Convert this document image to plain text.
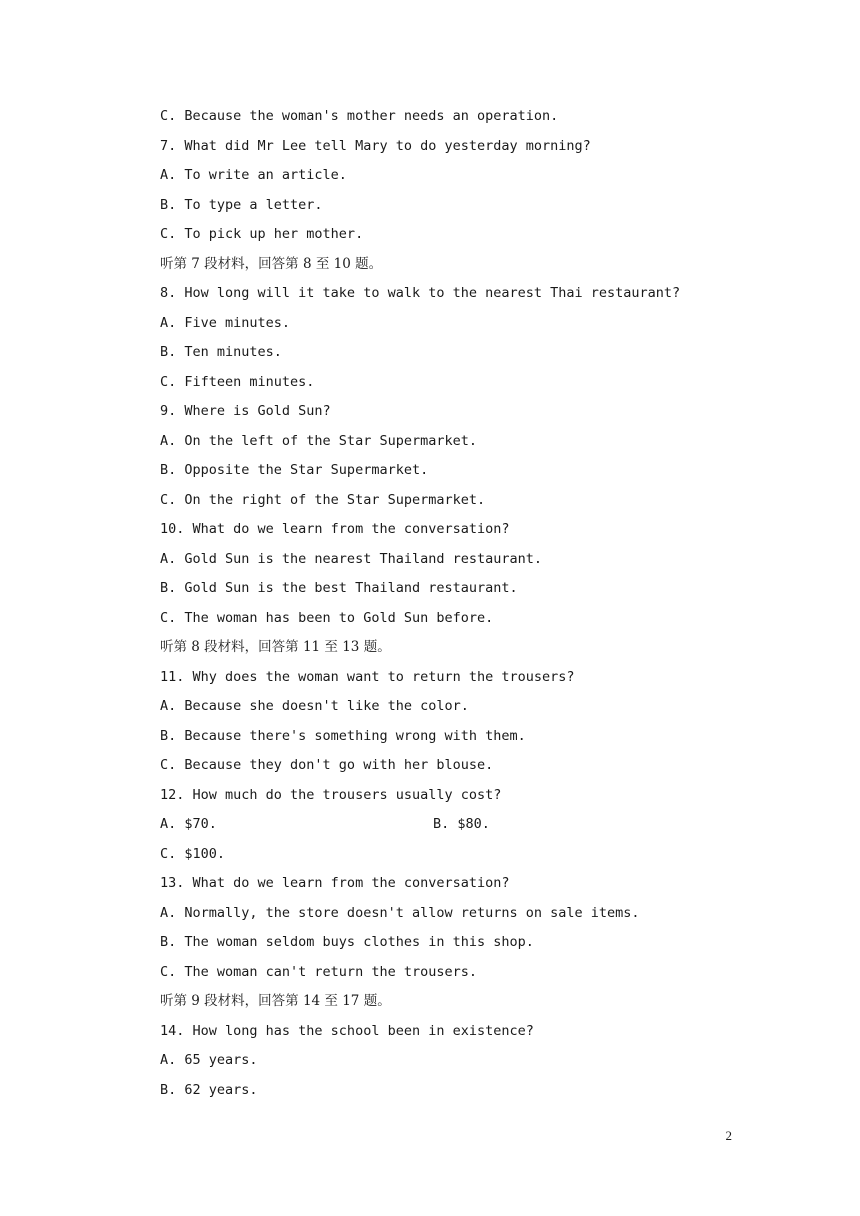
C. Because the woman's mother needs an operation.
7. What did Mr Lee tell Mary to do yesterday morning?
A. To write an article.
B. To type a letter.
C. To pick up her mother.
听第 7 段材料，回答第 8 至 10 题。
8. How long will it take to walk to the nearest Thai restaurant?
A. Five minutes.
B. Ten minutes.
C. Fifteen minutes.
9. Where is Gold Sun?
A. On the left of the Star Supermarket.
B. Opposite the Star Supermarket.
C. On the right of the Star Supermarket.
10. What do we learn from the conversation?
A. Gold Sun is the nearest Thailand restaurant.
B. Gold Sun is the best Thailand restaurant.
C. The woman has been to Gold Sun before.
听第 8 段材料，回答第 11 至 13 题。
11. Why does the woman want to return the trousers?
A. Because she doesn't like the color.
B. Because there's something wrong with them.
C. Because they don't go with her blouse.
12. How much do the trousers usually cost?
A. $70.	B. $80.
C. $100.
13. What do we learn from the conversation?
A. Normally, the store doesn't allow returns on sale items.
B. The woman seldom buys clothes in this shop.
C. The woman can't return the trousers.
听第 9 段材料，回答第 14 至 17 题。
14. How long has the school been in existence?
A. 65 years.
B. 62 years.
2
